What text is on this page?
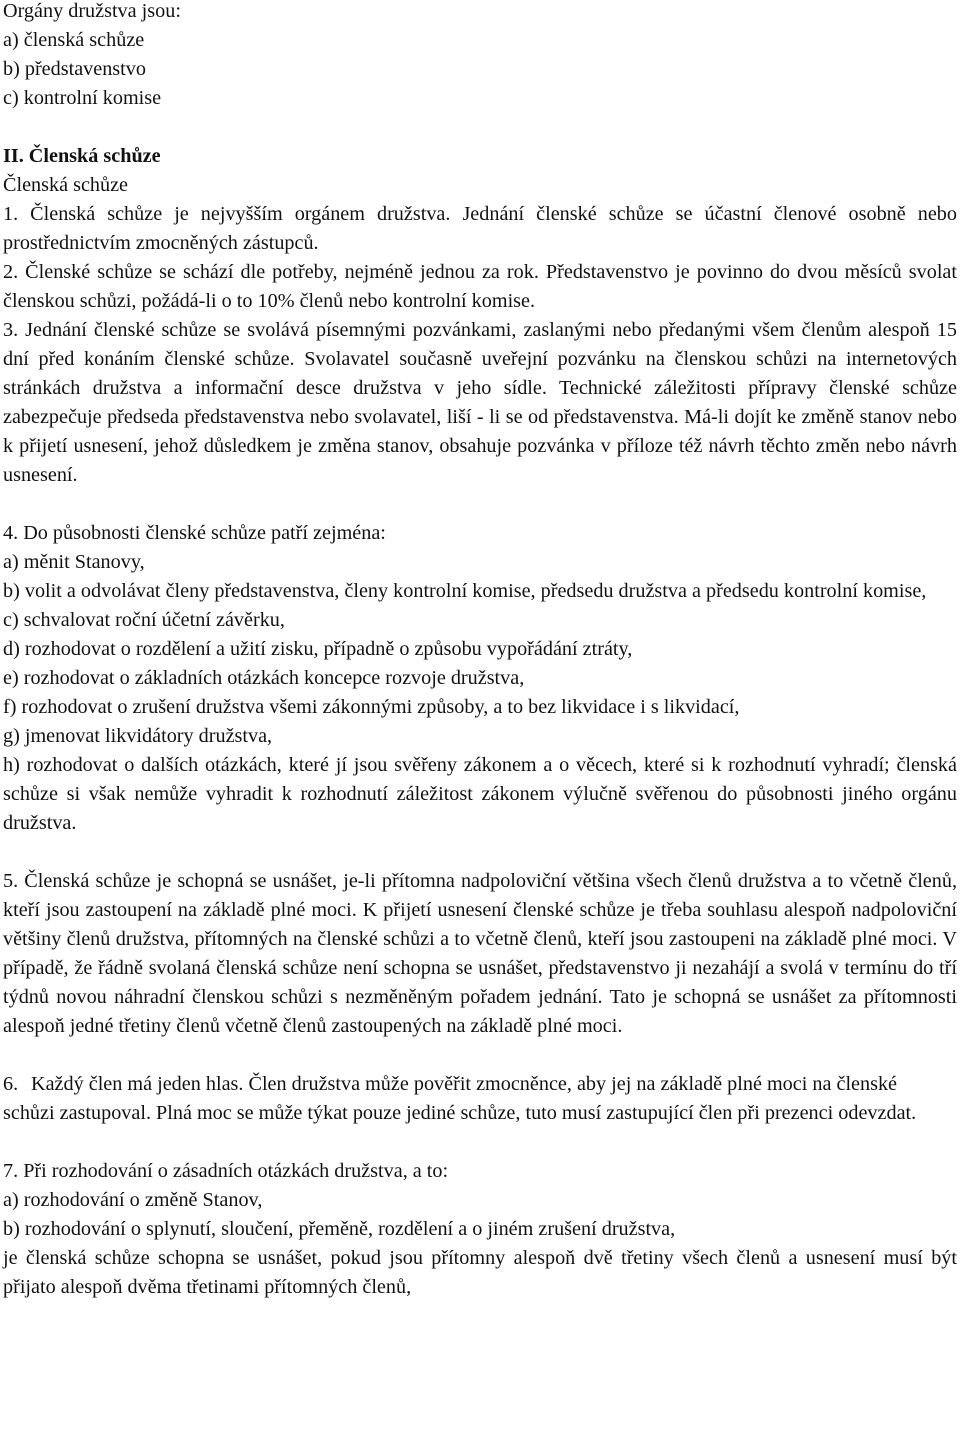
Orgány družstva jsou:

a) členská schůze

b) představenstvo

c) kontrolní komise

II. Členská schůze

Členská schůze

1. Členská schůze je nejvyšším orgánem družstva. Jednání členské schůze se účastní členové osobně nebo prostřednictvím zmocněných zástupců.

2. Členské schůze se schází dle potřeby, nejméně jednou za rok. Představenstvo je povinno do dvou měsíců svolat členskou schůzi, požádá-li o to 10% členů nebo kontrolní komise.

3. Jednání členské schůze se svolává písemnými pozvánkami, zaslanými nebo předanými všem členům alespoň 15 dní před konáním členské schůze. Svolavatel současně uveřejní pozvánku na členskou schůzi na internetových stránkách družstva a informační desce družstva v jeho sídle. Technické záležitosti přípravy členské schůze zabezpečuje předseda představenstva nebo svolavatel, liší - li se od představenstva. Má-li dojít ke změně stanov nebo k přijetí usnesení, jehož důsledkem je změna stanov, obsahuje pozvánka v příloze též návrh těchto změn nebo návrh usnesení.

4. Do působnosti členské schůze patří zejména:

a) měnit Stanovy,

b) volit a odvolávat členy představenstva, členy kontrolní komise, předsedu družstva a předsedu kontrolní komise,

c) schvalovat roční účetní závěrku,

d) rozhodovat o rozdělení a užití zisku, případně o způsobu vypořádání ztráty,

e) rozhodovat o základních otázkách koncepce rozvoje družstva,

f) rozhodovat o zrušení družstva všemi zákonnými způsoby, a to bez likvidace i s likvidací,

g) jmenovat likvidátory družstva,

h) rozhodovat o dalších otázkách, které jí jsou svěřeny zákonem a o věcech, které si k rozhodnutí vyhradí; členská schůze si však nemůže vyhradit k rozhodnutí záležitost zákonem výlučně svěřenou do působnosti jiného orgánu družstva.

5. Členská schůze je schopná se usnášet, je-li přítomna nadpoloviční většina všech členů družstva a to včetně členů, kteří jsou zastoupení na základě plné moci. K přijetí usnesení členské schůze je třeba souhlasu alespoň nadpoloviční většiny členů družstva, přítomných na členské schůzi a to včetně členů, kteří jsou zastoupeni na základě plné moci. V případě, že řádně svolaná členská schůze není schopna se usnášet, představenstvo ji nezahájí a svolá v termínu do tří týdnů novou náhradní členskou schůzi s nezměněným pořadem jednání. Tato je schopná se usnášet za přítomnosti alespoň jedné třetiny členů včetně členů zastoupených na základě plné moci.

6. Každý člen má jeden hlas. Člen družstva může pověřit zmocněnce, aby jej na základě plné moci na členské schůzi zastupoval. Plná moc se může týkat pouze jediné schůze, tuto musí zastupující člen při prezenci odevzdat.

7. Při rozhodování o zásadních otázkách družstva, a to:

a) rozhodování o změně Stanov,

b) rozhodování o splynutí, sloučení, přeměně, rozdělení a o jiném zrušení družstva,

je členská schůze schopna se usnášet, pokud jsou přítomny alespoň dvě třetiny všech členů a usnesení musí být přijato alespoň dvěma třetinami přítomných členů,
